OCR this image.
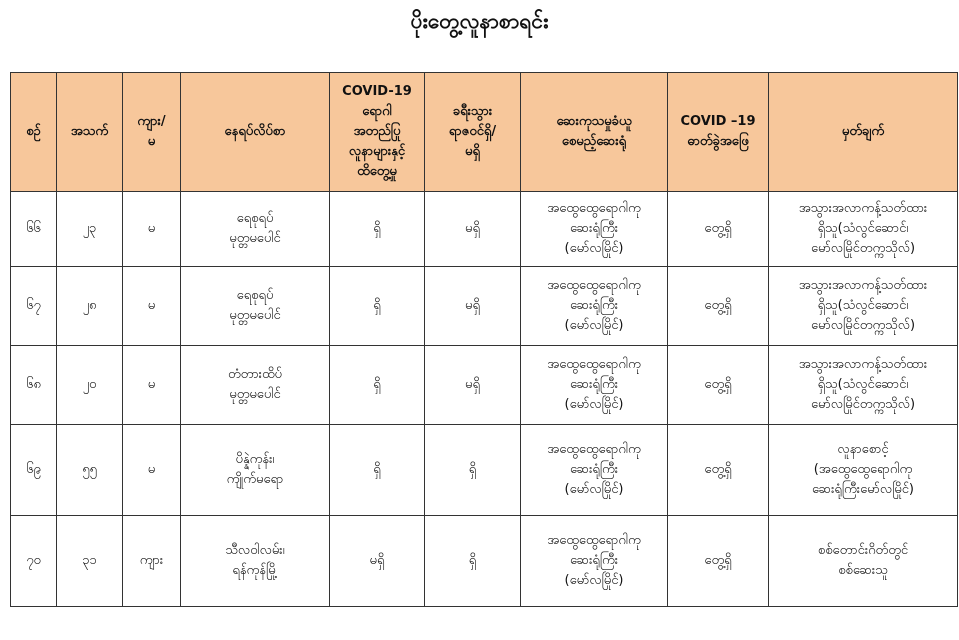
ပိုးတွေ့လူနာစာရင်း
စဉ်	အသက်	ကျား/
မ	နေရပ်လိပ်စာ	COVID-19
ရောဂါ
အတည်ပြု
လူနာများနှင့်
ထိတွေ့မှု	ခရီးသွား
ရာဇဝင်ရှိ/
မရှိ	ဆေးကုသမှုခံယူ
စေမည့်ဆေးရုံ	COVID –19
ဓာတ်ခွဲအဖြေ	မှတ်ချက်
၆၆	၂၃	မ	ရေစုရပ်
မုတ္တမပေါင်	ရှိ	မရှိ	အထွေထွေရောဂါကု
ဆေးရုံကြီး
(မော်လမြိုင်)	တွေ့ရှိ	အသွားအလာကန့်သတ်ထား
ရှိသူ(သံလွင်ဆောင်၊
မော်လမြိုင်တက္ကသိုလ်)
၆၇	၂၈	မ	ရေစုရပ်
မုတ္တမပေါင်	ရှိ	မရှိ	အထွေထွေရောဂါကု
ဆေးရုံကြီး
(မော်လမြိုင်)	တွေ့ရှိ	အသွားအလာကန့်သတ်ထား
ရှိသူ(သံလွင်ဆောင်၊
မော်လမြိုင်တက္ကသိုလ်)
၆၈	၂၀	မ	တံတားထိပ်
မုတ္တမပေါင်	ရှိ	မရှိ	အထွေထွေရောဂါကု
ဆေးရုံကြီး
(မော်လမြိုင်)	တွေ့ရှိ	အသွားအလာကန့်သတ်ထား
ရှိသူ(သံလွင်ဆောင်၊
မော်လမြိုင်တက္ကသိုလ်)
၆၉	၅၅	မ	ပိန္နဲကုန်း၊
ကျိုက်မရော	ရှိ	ရှိ	အထွေထွေရောဂါကု
ဆေးရုံကြီး
(မော်လမြိုင်)	တွေ့ရှိ	လူနာစောင့်
(အထွေထွေရောဂါကု
ဆေးရုံကြီးမော်လမြိုင်)
၇၀	၃၁	ကျား	သီလဝါလမ်း၊
ရန်ကုန်မြို့	မရှိ	ရှိ	အထွေထွေရောဂါကု
ဆေးရုံကြီး
(မော်လမြိုင်)	တွေ့ရှိ	စစ်တောင်းဂိတ်တွင်
စစ်ဆေးသူ
